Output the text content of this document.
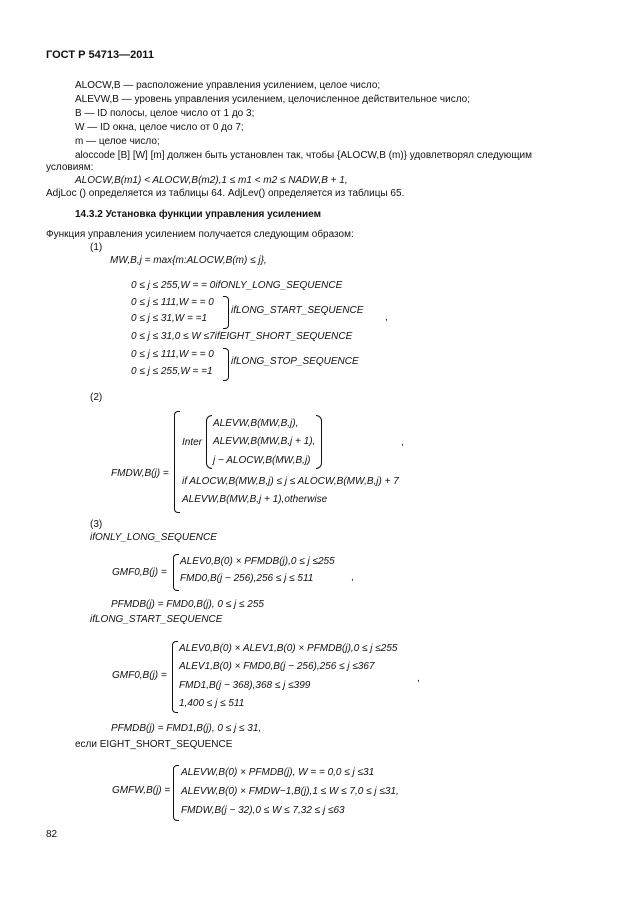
ГОСТ Р 54713—2011
ALOCW,B — расположение управления усилением, целое число;
ALEVW,B — уровень управления усилением, целочисленное действительное число;
B — ID полосы, целое число от 1 до 3;
W — ID окна, целое число от 0 до 7;
m — целое число;
aloccode [B] [W] [m] должен быть установлен так, чтобы {ALOCW,B (m)} удовлетворял следующим
условиям:
ALOCW,B(m1) < ALOCW,B(m2),1 ≤ m1 < m2 ≤ NADW,B + 1,
AdjLoc () определяется из таблицы 64. AdjLev() определяется из таблицы 65.
14.3.2 Установка функции управления усилением
Функция управления усилением получается следующим образом:
(1)
MW,B,j = max{m:ALOCW,B(m) ≤ j},
0 ≤ j ≤ 255,W = = 0ifONLY_LONG_SEQUENCE
0 ≤ j ≤ 111,W = = 0
0 ≤ j ≤ 31,W = =1
ifLONG_START_SEQUENCE
,
0 ≤ j ≤ 31,0 ≤ W ≤7ifEIGHT_SHORT_SEQUENCE
0 ≤ j ≤ 111,W = = 0
0 ≤ j ≤ 255,W = =1
ifLONG_STOP_SEQUENCE
(2)
FMDW,B(j) =
Inter
ALEVW,B(MW,B,j),
ALEVW,B(MW,B,j + 1),
j − ALOCW,B(MW,B,j)
,
if ALOCW,B(MW,B,j) ≤ j ≤ ALOCW,B(MW,B,j) + 7
ALEVW,B(MW,B,j + 1),otherwise
(3)
ifONLY_LONG_SEQUENCE
GMF0,B(j) =
ALEV0,B(0) × PFMDB(j),0 ≤ j ≤255
FMD0,B(j − 256),256 ≤ j ≤ 511	,
PFMDB(j) = FMD0,B(j), 0 ≤ j ≤ 255
ifLONG_START_SEQUENCE
GMF0,B(j) =
ALEV0,B(0) × ALEV1,B(0) × PFMDB(j),0 ≤ j ≤255
ALEV1,B(0) × FMD0,B(j − 256),256 ≤ j ≤367
FMD1,B(j − 368),368 ≤ j ≤399
1,400 ≤ j ≤ 511
,
PFMDB(j) = FMD1,B(j), 0 ≤ j ≤ 31,
если EIGHT_SHORT_SEQUENCE
GMFW,B(j) =
ALEVW,B(0) × PFMDB(j), W = = 0,0 ≤ j ≤31
ALEVW,B(0) × FMDW−1,B(j),1 ≤ W ≤ 7,0 ≤ j ≤31,
FMDW,B(j − 32),0 ≤ W ≤ 7,32 ≤ j ≤63
82
